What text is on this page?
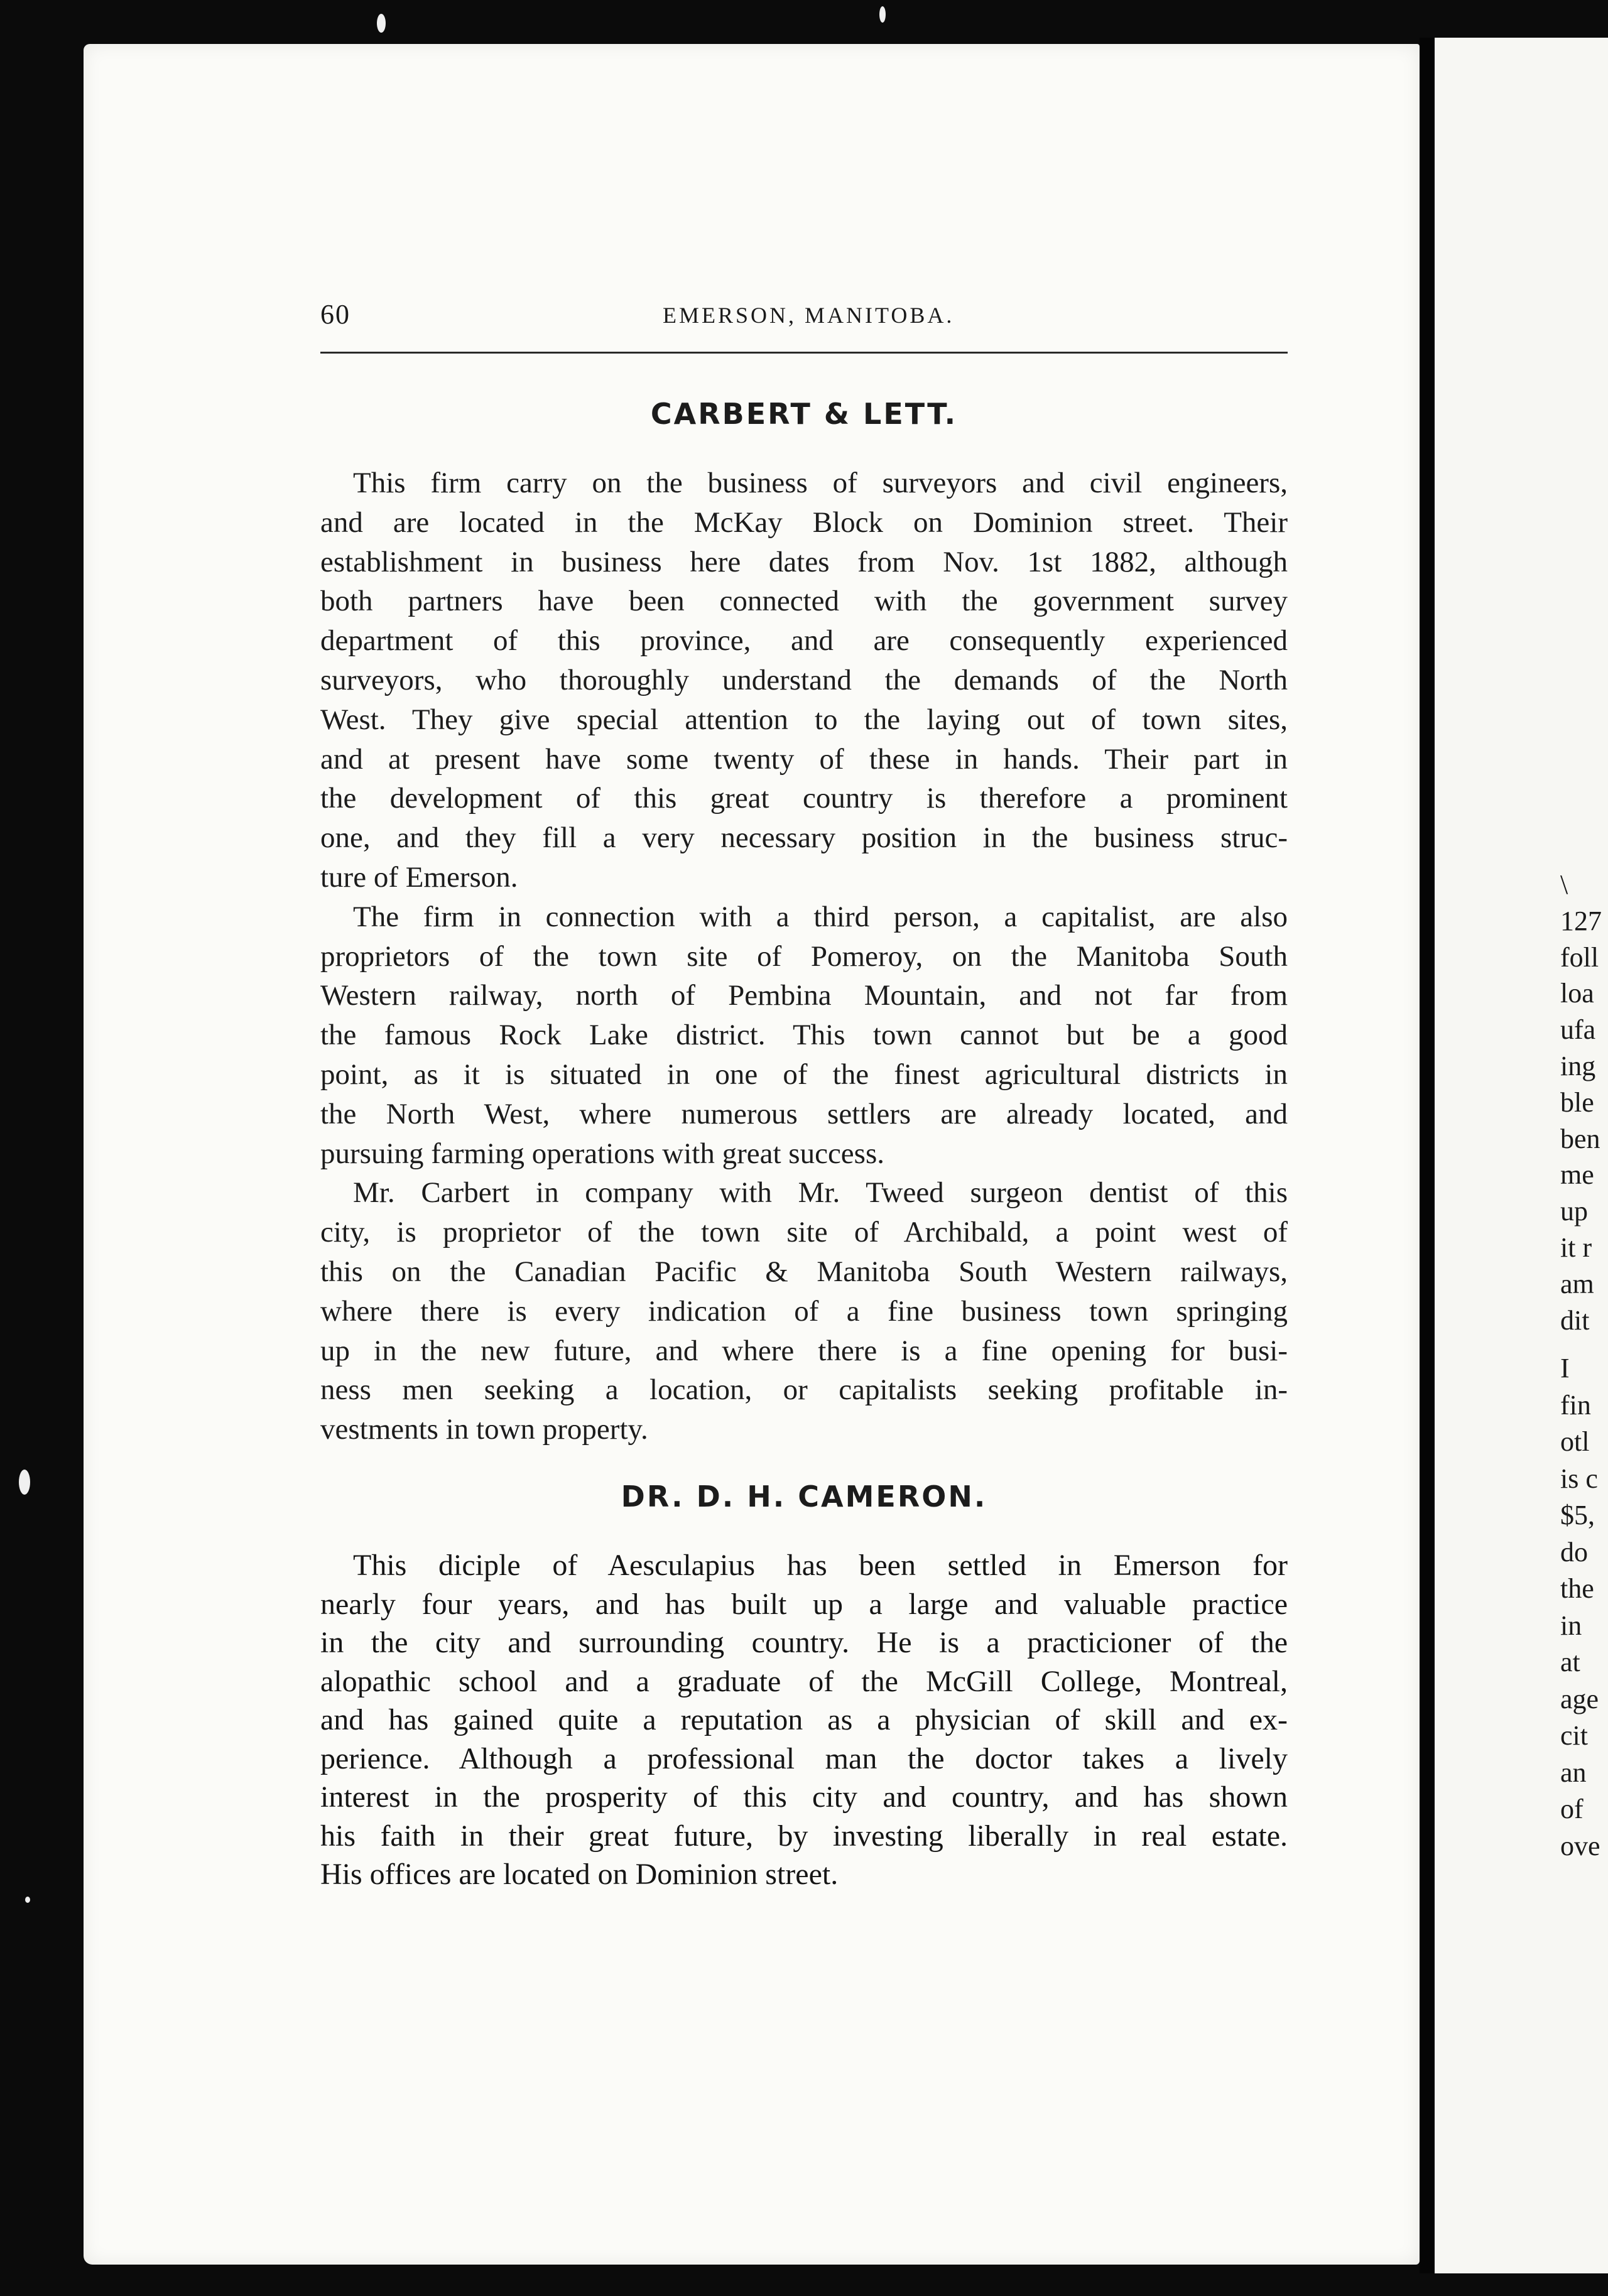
60	EMERSON, MANITOBA.
CARBERT & LETT.
This firm carry on the business of surveyors and civil engineers,
and are located in the McKay Block on Dominion street. Their
establishment in business here dates from Nov. 1st 1882, although
both partners have been connected with the government survey
department of this province, and are consequently experienced
surveyors, who thoroughly understand the demands of the North
West. They give special attention to the laying out of town sites,
and at present have some twenty of these in hands. Their part in
the development of this great country is therefore a prominent
one, and they fill a very necessary position in the business struc-
ture of Emerson.
The firm in connection with a third person, a capitalist, are also
proprietors of the town site of Pomeroy, on the Manitoba South
Western railway, north of Pembina Mountain, and not far from
the famous Rock Lake district. This town cannot but be a good
point, as it is situated in one of the finest agricultural districts in
the North West, where numerous settlers are already located, and
pursuing farming operations with great success.
Mr. Carbert in company with Mr. Tweed surgeon dentist of this
city, is proprietor of the town site of Archibald, a point west of
this on the Canadian Pacific & Manitoba South Western railways,
where there is every indication of a fine business town springing
up in the new future, and where there is a fine opening for busi-
ness men seeking a location, or capitalists seeking profitable in-
vestments in town property.
DR. D. H. CAMERON.
This diciple of Aesculapius has been settled in Emerson for
nearly four years, and has built up a large and valuable practice
in the city and surrounding country. He is a practicioner of the
alopathic school and a graduate of the McGill College, Montreal,
and has gained quite a reputation as a physician of skill and ex-
perience. Although a professional man the doctor takes a lively
interest in the prosperity of this city and country, and has shown
his faith in their great future, by investing liberally in real estate.
His offices are located on Dominion street.
\
127
foll
loa
ufa
ing
ble
ben
me
up
it r
am
dit
I
fin
otl
is c
$5,
do
the
in
at
age
cit
an
of
ove
